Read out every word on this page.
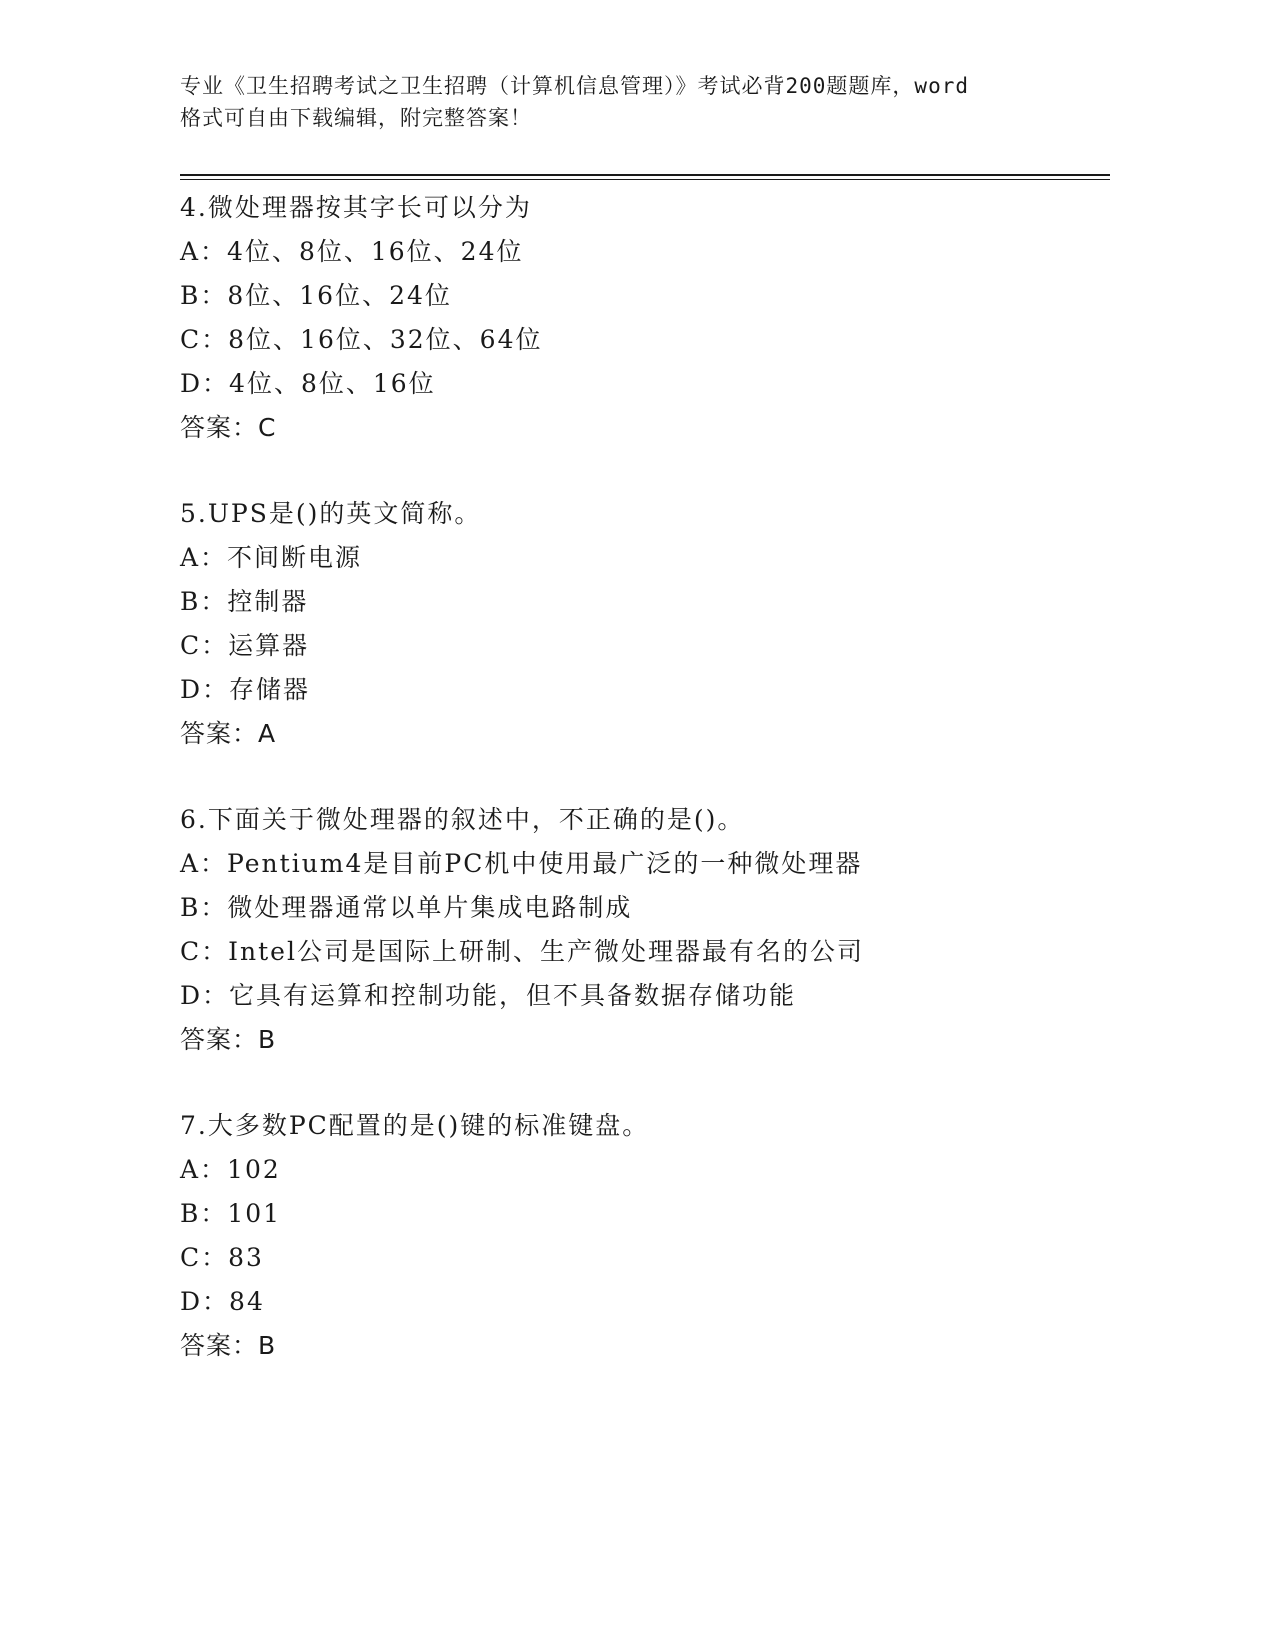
专业《卫生招聘考试之卫生招聘（计算机信息管理）》考试必背200题题库，word
格式可自由下载编辑，附完整答案！
4.微处理器按其字长可以分为
A：4位、8位、16位、24位
B：8位、16位、24位
C：8位、16位、32位、64位
D：4位、8位、16位
答案：C
5.UPS是()的英文简称。
A：不间断电源
B：控制器
C：运算器
D：存储器
答案：A
6.下面关于微处理器的叙述中，不正确的是()。
A：Pentium4是目前PC机中使用最广泛的一种微处理器
B：微处理器通常以单片集成电路制成
C：Intel公司是国际上研制、生产微处理器最有名的公司
D：它具有运算和控制功能，但不具备数据存储功能
答案：B
7.大多数PC配置的是()键的标准键盘。
A：102
B：101
C：83
D：84
答案：B
